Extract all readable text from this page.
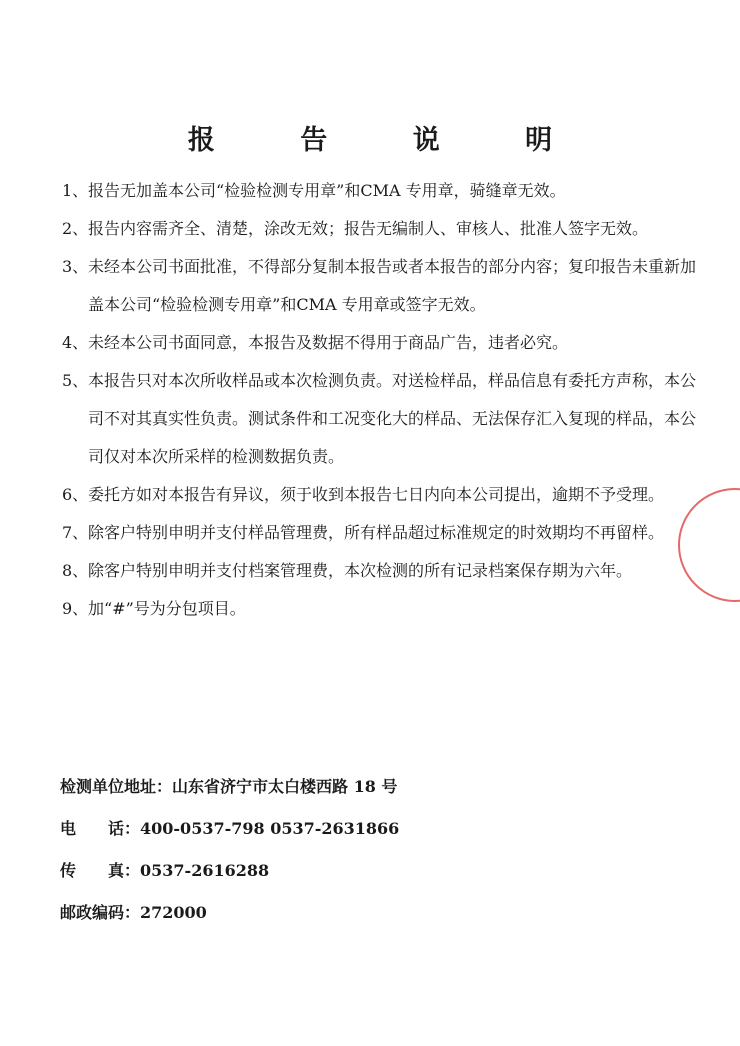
报 告 说 明
1、 报告无加盖本公司“检验检测专用章”和CMA 专用章，骑缝章无效。
2、 报告内容需齐全、清楚，涂改无效；报告无编制人、审核人、批准人签字无效。
3、 未经本公司书面批准，不得部分复制本报告或者本报告的部分内容；复印报告未重新加盖本公司“检验检测专用章”和CMA 专用章或签字无效。
4、 未经本公司书面同意，本报告及数据不得用于商品广告，违者必究。
5、 本报告只对本次所收样品或本次检测负责。对送检样品，样品信息有委托方声称，本公司不对其真实性负责。测试条件和工况变化大的样品、无法保存汇入复现的样品，本公司仅对本次所采样的检测数据负责。
6、 委托方如对本报告有异议，须于收到本报告七日内向本公司提出，逾期不予受理。
7、 除客户特别申明并支付样品管理费，所有样品超过标准规定的时效期均不再留样。
8、 除客户特别申明并支付档案管理费，本次检测的所有记录档案保存期为六年。
9、 加“#”号为分包项目。
检测单位地址：山东省济宁市太白楼西路 18 号
电　　话：400-0537-798 0537-2631866
传　　真：0537-2616288
邮政编码：272000
